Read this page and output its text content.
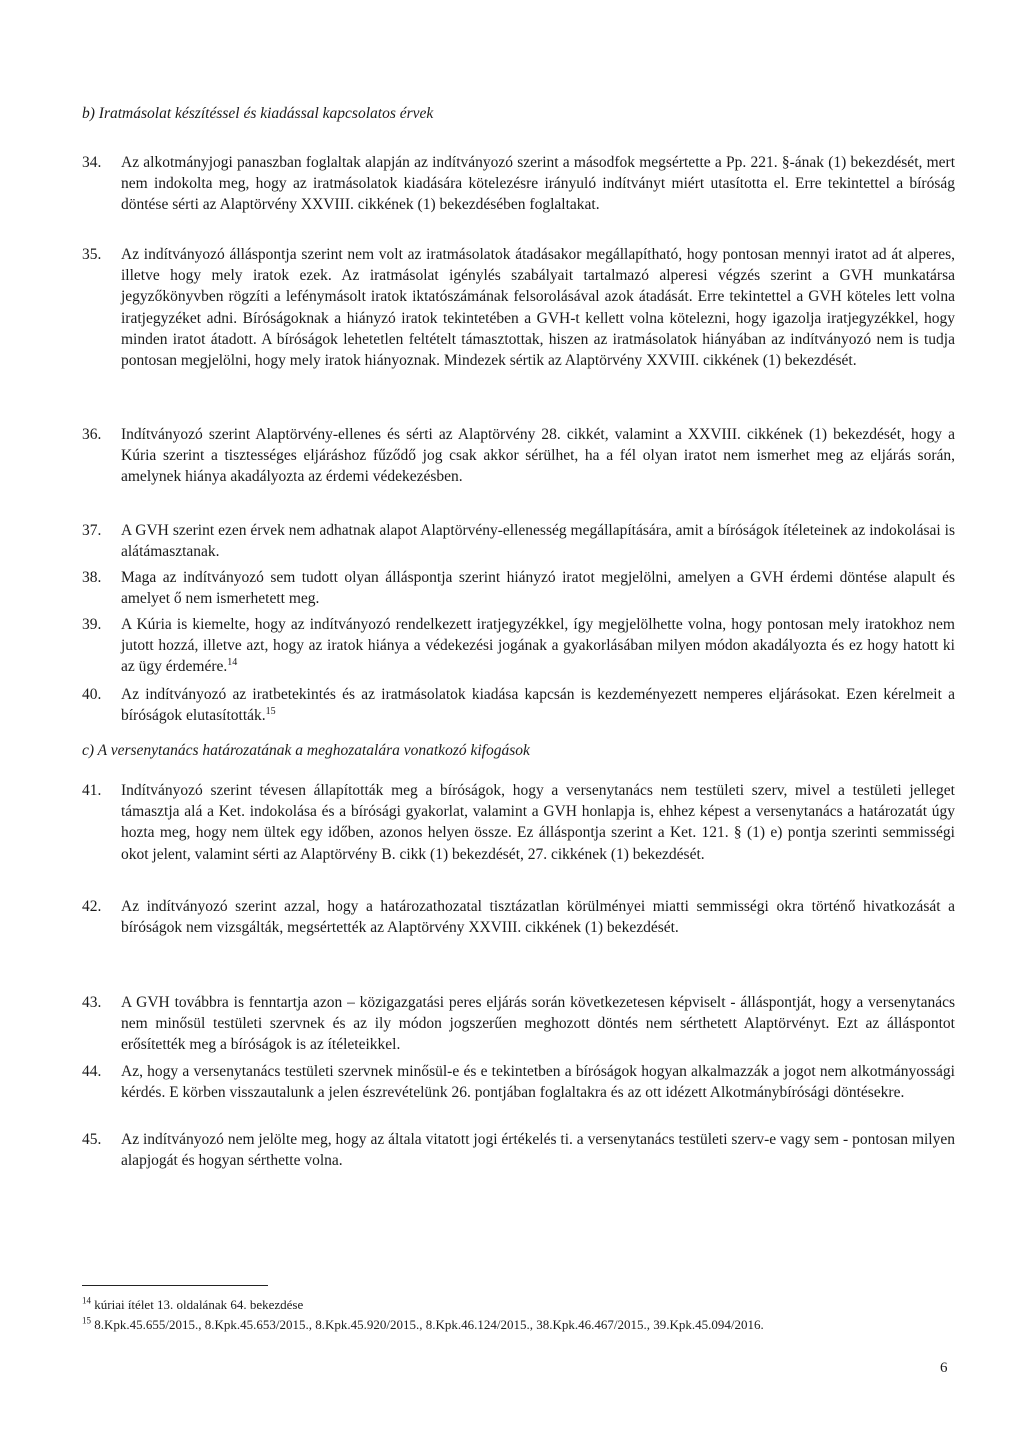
b) Iratmásolat készítéssel és kiadással kapcsolatos érvek
34. Az alkotmányjogi panaszban foglaltak alapján az indítványozó szerint a másodfok megsértette a Pp. 221. §-ának (1) bekezdését, mert nem indokolta meg, hogy az iratmásolatok kiadására kötelezésre irányuló indítványt miért utasította el. Erre tekintettel a bíróság döntése sérti az Alaptörvény XXVIII. cikkének (1) bekezdésében foglaltakat.
35. Az indítványozó álláspontja szerint nem volt az iratmásolatok átadásakor megállapítható, hogy pontosan mennyi iratot ad át alperes, illetve hogy mely iratok ezek. Az iratmásolat igénylés szabályait tartalmazó alperesi végzés szerint a GVH munkatársa jegyzőkönyvben rögzíti a lefénymásolt iratok iktatószámának felsorolásával azok átadását. Erre tekintettel a GVH köteles lett volna iratjegyzéket adni. Bíróságoknak a hiányzó iratok tekintetében a GVH-t kellett volna kötelezni, hogy igazolja iratjegyzékkel, hogy minden iratot átadott. A bíróságok lehetetlen feltételt támasztottak, hiszen az iratmásolatok hiányában az indítványozó nem is tudja pontosan megjelölni, hogy mely iratok hiányoznak. Mindezek sértik az Alaptörvény XXVIII. cikkének (1) bekezdését.
36. Indítványozó szerint Alaptörvény-ellenes és sérti az Alaptörvény 28. cikkét, valamint a XXVIII. cikkének (1) bekezdését, hogy a Kúria szerint a tisztességes eljáráshoz fűződő jog csak akkor sérülhet, ha a fél olyan iratot nem ismerhet meg az eljárás során, amelynek hiánya akadályozta az érdemi védekezésben.
37. A GVH szerint ezen érvek nem adhatnak alapot Alaptörvény-ellenesség megállapítására, amit a bíróságok ítéleteinek az indokolásai is alátámasztanak.
38. Maga az indítványozó sem tudott olyan álláspontja szerint hiányzó iratot megjelölni, amelyen a GVH érdemi döntése alapult és amelyet ő nem ismerhetett meg.
39. A Kúria is kiemelte, hogy az indítványozó rendelkezett iratjegyzékkel, így megjelölhette volna, hogy pontosan mely iratokhoz nem jutott hozzá, illetve azt, hogy az iratok hiánya a védekezési jogának a gyakorlásában milyen módon akadályozta és ez hogy hatott ki az ügy érdemére.$^{14}$
40. Az indítványozó az iratbetekintés és az iratmásolatok kiadása kapcsán is kezdeményezett nemperes eljárásokat. Ezen kérelmeit a bíróságok elutasították.$^{15}$
c) A versenytanács határozatának a meghozatalára vonatkozó kifogások
41. Indítványozó szerint tévesen állapították meg a bíróságok, hogy a versenytanács nem testületi szerv, mivel a testületi jelleget támasztja alá a Ket. indokolása és a bírósági gyakorlat, valamint a GVH honlapja is, ehhez képest a versenytanács a határozatát úgy hozta meg, hogy nem ültek egy időben, azonos helyen össze. Ez álláspontja szerint a Ket. 121. § (1) e) pontja szerinti semmisségi okot jelent, valamint sérti az Alaptörvény B. cikk (1) bekezdését, 27. cikkének (1) bekezdését.
42. Az indítványozó szerint azzal, hogy a határozathozatal tisztázatlan körülményei miatti semmisségi okra történő hivatkozását a bíróságok nem vizsgálták, megsértették az Alaptörvény XXVIII. cikkének (1) bekezdését.
43. A GVH továbbra is fenntartja azon – közigazgatási peres eljárás során következetesen képviselt - álláspontját, hogy a versenytanács nem minősül testületi szervnek és az ily módon jogszerűen meghozott döntés nem sérthetett Alaptörvényt. Ezt az álláspontot erősítették meg a bíróságok is az ítéleteikkel.
44. Az, hogy a versenytanács testületi szervnek minősül-e és e tekintetben a bíróságok hogyan alkalmazzák a jogot nem alkotmányossági kérdés. E körben visszautalunk a jelen észrevételünk 26. pontjában foglaltakra és az ott idézett Alkotmánybírósági döntésekre.
45. Az indítványozó nem jelölte meg, hogy az általa vitatott jogi értékelés ti. a versenytanács testületi szerv-e vagy sem - pontosan milyen alapjogát és hogyan sérthette volna.
$^{14}$ kúriai ítélet 13. oldalának 64. bekezdése
$^{15}$ 8.Kpk.45.655/2015., 8.Kpk.45.653/2015., 8.Kpk.45.920/2015., 8.Kpk.46.124/2015., 38.Kpk.46.467/2015., 39.Kpk.45.094/2016.
6
